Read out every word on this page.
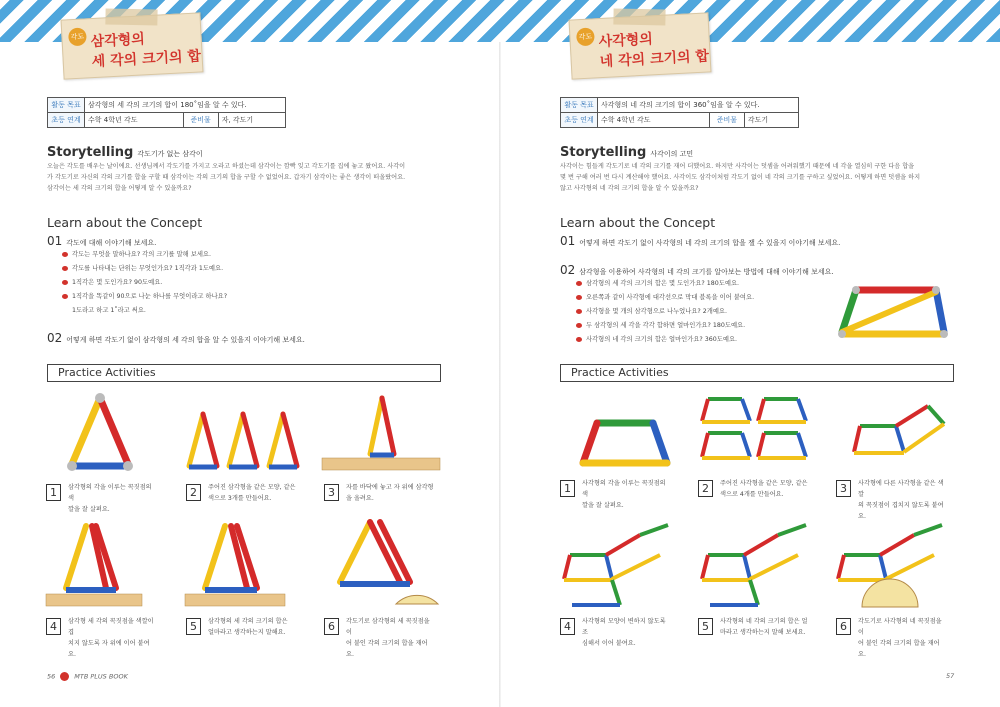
각도 삼각형의
세 각의 크기의 합
활동 목표	삼각형의 세 각의 크기의 합이 180˚임을 알 수 있다.		
초등 연계	수학 4학년 각도	준비물	자, 각도기
Storytelling 각도기가 없는 삼각이
오늘은 각도를 배우는 날이에요. 선생님께서 각도기를 가지고 오라고 하셨는데 삼각이는 깜빡 잊고 각도기를 집에 놓고 왔어요. 사각이
가 각도기로 자신의 각의 크기를 합을 구할 때 삼각이는 각의 크기의 합을 구할 수 없었어요. 갑자기 삼각이는 좋은 생각이 떠올랐어요.
삼각이는 세 각의 크기의 합을 어떻게 알 수 있을까요?
Learn about the Concept
01 각도에 대해 이야기해 보세요.
각도는 무엇을 말하나요? 각의 크기를 말해 보세요.
각도를 나타내는 단위는 무엇인가요? 1직각과 1도예요.
1직각은 몇 도인가요? 90도예요.
1직각을 똑같이 90으로 나눈 하나를 무엇이라고 하나요?
1도라고 하고 1˚라고 써요.
02 어떻게 하면 각도기 없이 삼각형의 세 각의 합을 알 수 있을지 이야기해 보세요.
Practice Activities
1	삼각형의 각을 이루는 꼭짓점의 색
깔을 잘 살펴요.
2	주어진 삼각형을 같은 모양, 같은
색으로 3개를 만들어요.	3	자를 바닥에 놓고 자 위에 삼각형
을 올려요.
4	삼각형 세 각의 꼭짓점을 색깔이 겹
치지 않도록 자 위에 이어 붙여요.
5	삼각형의 세 각의 크기의 합은
얼마라고 생각하는지 말해요.	6	각도기로 삼각형의 세 꼭짓점을 이
어 붙인 각의 크기의 합을 재어요.
56	MTB PLUS BOOK
각도 사각형의
네 각의 크기의 합
활동 목표	사각형의 네 각의 크기의 합이 360˚임을 알 수 있다.		
초등 연계	수학 4학년 각도	준비물	각도기
Storytelling 사각이의 고민
사각이는 힘들게 각도기로 네 각의 크기를 재어 더했어요. 하지만 사각이는 덧셈을 어려워했기 때문에 네 각을 열심히 구한 다음 합을
몇 번 구해 여러 번 다시 계산해야 했어요. 사각이도 삼각이처럼 각도기 없이 네 각의 크기를 구하고 싶었어요. 어떻게 하면 덧셈을 하지
않고 사각형의 네 각의 크기의 합을 알 수 있을까요?
Learn about the Concept
01 어떻게 하면 각도기 없이 사각형의 네 각의 크기의 합을 잴 수 있을지 이야기해 보세요.
02 삼각형을 이용하여 사각형의 네 각의 크기를 알아보는 방법에 대해 이야기해 보세요.
삼각형의 세 각의 크기의 합은 몇 도인가요? 180도예요.
오른쪽과 같이 사각형에 대각선으로 막대 블록을 이어 붙여요.
사각형을 몇 개의 삼각형으로 나누었나요? 2개예요.
두 삼각형의 세 각을 각각 합하면 얼마인가요? 180도예요.
사각형의 네 각의 크기의 합은 얼마인가요? 360도예요.
Practice Activities
1	사각형의 각을 이루는 꼭짓점의 색
깔을 잘 살펴요.
2	주어진 사각형을 같은 모양, 같은
색으로 4개를 만들어요.	3	사각형에 다른 사각형을 같은 색깔
의 꼭짓점이 겹치지 않도록 붙여요.
4	사각형의 모양이 변하지 않도록 조
심해서 이어 붙여요.
5	사각형의 네 각의 크기의 합은 얼
마라고 생각하는지 말해 보세요.	6	각도기로 사각형의 네 꼭짓점을 이
어 붙인 각의 크기의 합을 재어요.
57
